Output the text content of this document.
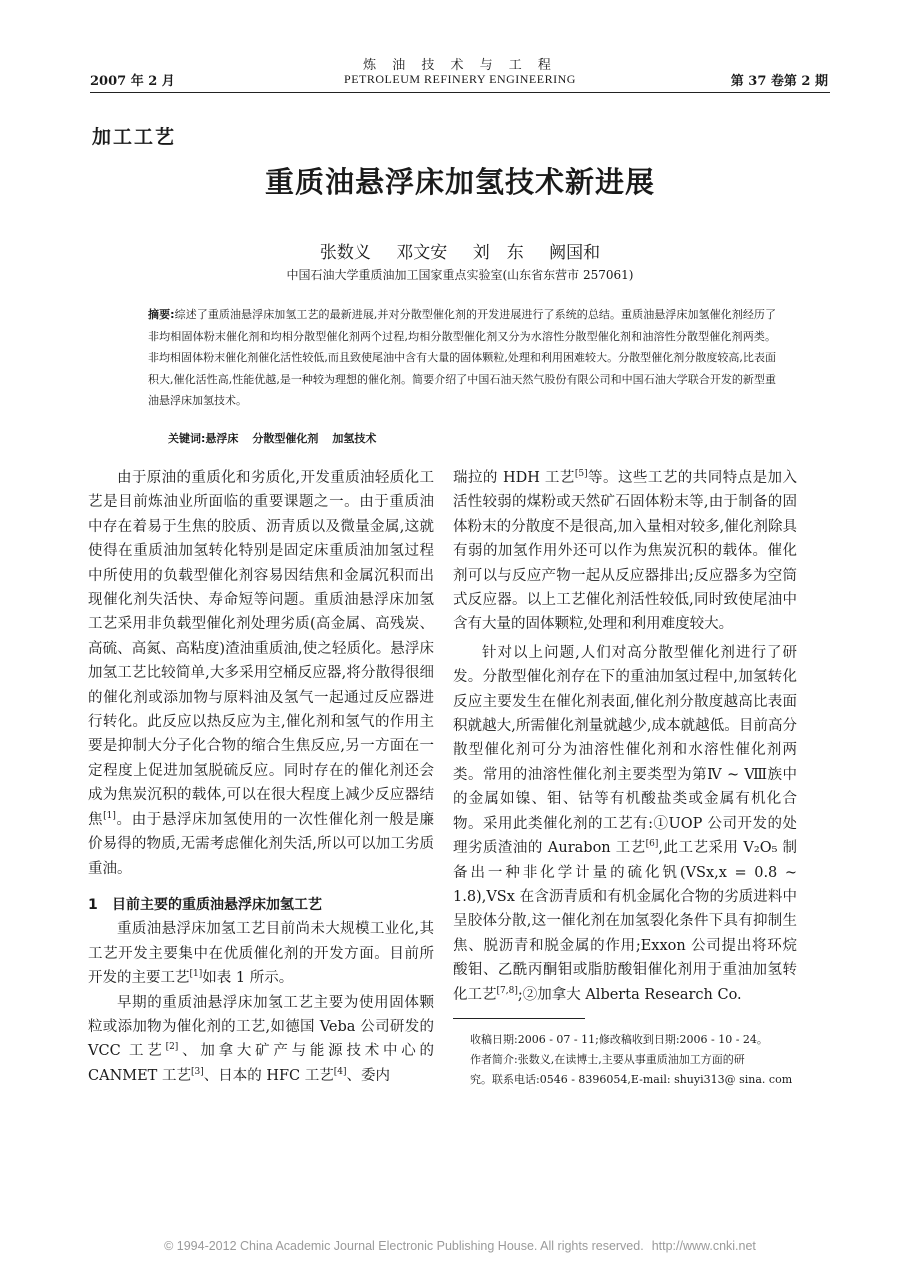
2007 年 2 月
炼 油 技 术 与 工 程
PETROLEUM REFINERY ENGINEERING	第 37 卷第 2 期
加工工艺
重质油悬浮床加氢技术新进展
张数义 邓文安 刘　东 阙国和
中国石油大学重质油加工国家重点实验室(山东省东营市 257061)
摘要:综述了重质油悬浮床加氢工艺的最新进展,并对分散型催化剂的开发进展进行了系统的总结。重质油悬浮床加氢催化剂经历了非均相固体粉末催化剂和均相分散型催化剂两个过程,均相分散型催化剂又分为水溶性分散型催化剂和油溶性分散型催化剂两类。非均相固体粉末催化剂催化活性较低,而且致使尾油中含有大量的固体颗粒,处理和利用困难较大。分散型催化剂分散度较高,比表面积大,催化活性高,性能优越,是一种较为理想的催化剂。简要介绍了中国石油天然气股份有限公司和中国石油大学联合开发的新型重油悬浮床加氢技术。
关键词:悬浮床 分散型催化剂 加氢技术

由于原油的重质化和劣质化,开发重质油轻质化工艺是目前炼油业所面临的重要课题之一。由于重质油中存在着易于生焦的胶质、沥青质以及微量金属,这就使得在重质油加氢转化特别是固定床重质油加氢过程中所使用的负载型催化剂容易因结焦和金属沉积而出现催化剂失活快、寿命短等问题。重质油悬浮床加氢工艺采用非负载型催化剂处理劣质(高金属、高残炭、高硫、高氮、高粘度)渣油重质油,使之轻质化。悬浮床加氢工艺比较简单,大多采用空桶反应器,将分散得很细的催化剂或添加物与原料油及氢气一起通过反应器进行转化。此反应以热反应为主,催化剂和氢气的作用主要是抑制大分子化合物的缩合生焦反应,另一方面在一定程度上促进加氢脱硫反应。同时存在的催化剂还会成为焦炭沉积的载体,可以在很大程度上减少反应器结焦[1]。由于悬浮床加氢使用的一次性催化剂一般是廉价易得的物质,无需考虑催化剂失活,所以可以加工劣质重油。

1 目前主要的重质油悬浮床加氢工艺

重质油悬浮床加氢工艺目前尚未大规模工业化,其工艺开发主要集中在优质催化剂的开发方面。目前所开发的主要工艺[1]如表 1 所示。

早期的重质油悬浮床加氢工艺主要为使用固体颗粒或添加物为催化剂的工艺,如德国 Veba 公司研发的 VCC 工艺[2]、加拿大矿产与能源技术中心的 CANMET 工艺[3]、日本的 HFC 工艺[4]、委内

瑞拉的 HDH 工艺[5]等。这些工艺的共同特点是加入活性较弱的煤粉或天然矿石固体粉末等,由于制备的固体粉末的分散度不是很高,加入量相对较多,催化剂除具有弱的加氢作用外还可以作为焦炭沉积的载体。催化剂可以与反应产物一起从反应器排出;反应器多为空筒式反应器。以上工艺催化剂活性较低,同时致使尾油中含有大量的固体颗粒,处理和利用难度较大。

针对以上问题,人们对高分散型催化剂进行了研发。分散型催化剂存在下的重油加氢过程中,加氢转化反应主要发生在催化剂表面,催化剂分散度越高比表面积就越大,所需催化剂量就越少,成本就越低。目前高分散型催化剂可分为油溶性催化剂和水溶性催化剂两类。常用的油溶性催化剂主要类型为第Ⅳ ~ Ⅷ族中的金属如镍、钼、钴等有机酸盐类或金属有机化合物。采用此类催化剂的工艺有:①UOP 公司开发的处理劣质渣油的 Aurabon 工艺[6],此工艺采用 V₂O₅ 制备出一种非化学计量的硫化钒(VSx,x = 0.8 ~ 1.8),VSx 在含沥青质和有机金属化合物的劣质进料中呈胶体分散,这一催化剂在加氢裂化条件下具有抑制生焦、脱沥青和脱金属的作用;Exxon 公司提出将环烷酸钼、乙酰丙酮钼或脂肪酸钼催化剂用于重油加氢转化工艺[7,8];②加拿大 Alberta Research Co.

收稿日期:2006 - 07 - 11;修改稿收到日期:2006 - 10 - 24。
作者简介:张数义,在读博士,主要从事重质油加工方面的研
究。联系电话:0546 - 8396054,E-mail: shuyi313@ sina. com
© 1994-2012 China Academic Journal Electronic Publishing House. All rights reserved. http://www.cnki.net
